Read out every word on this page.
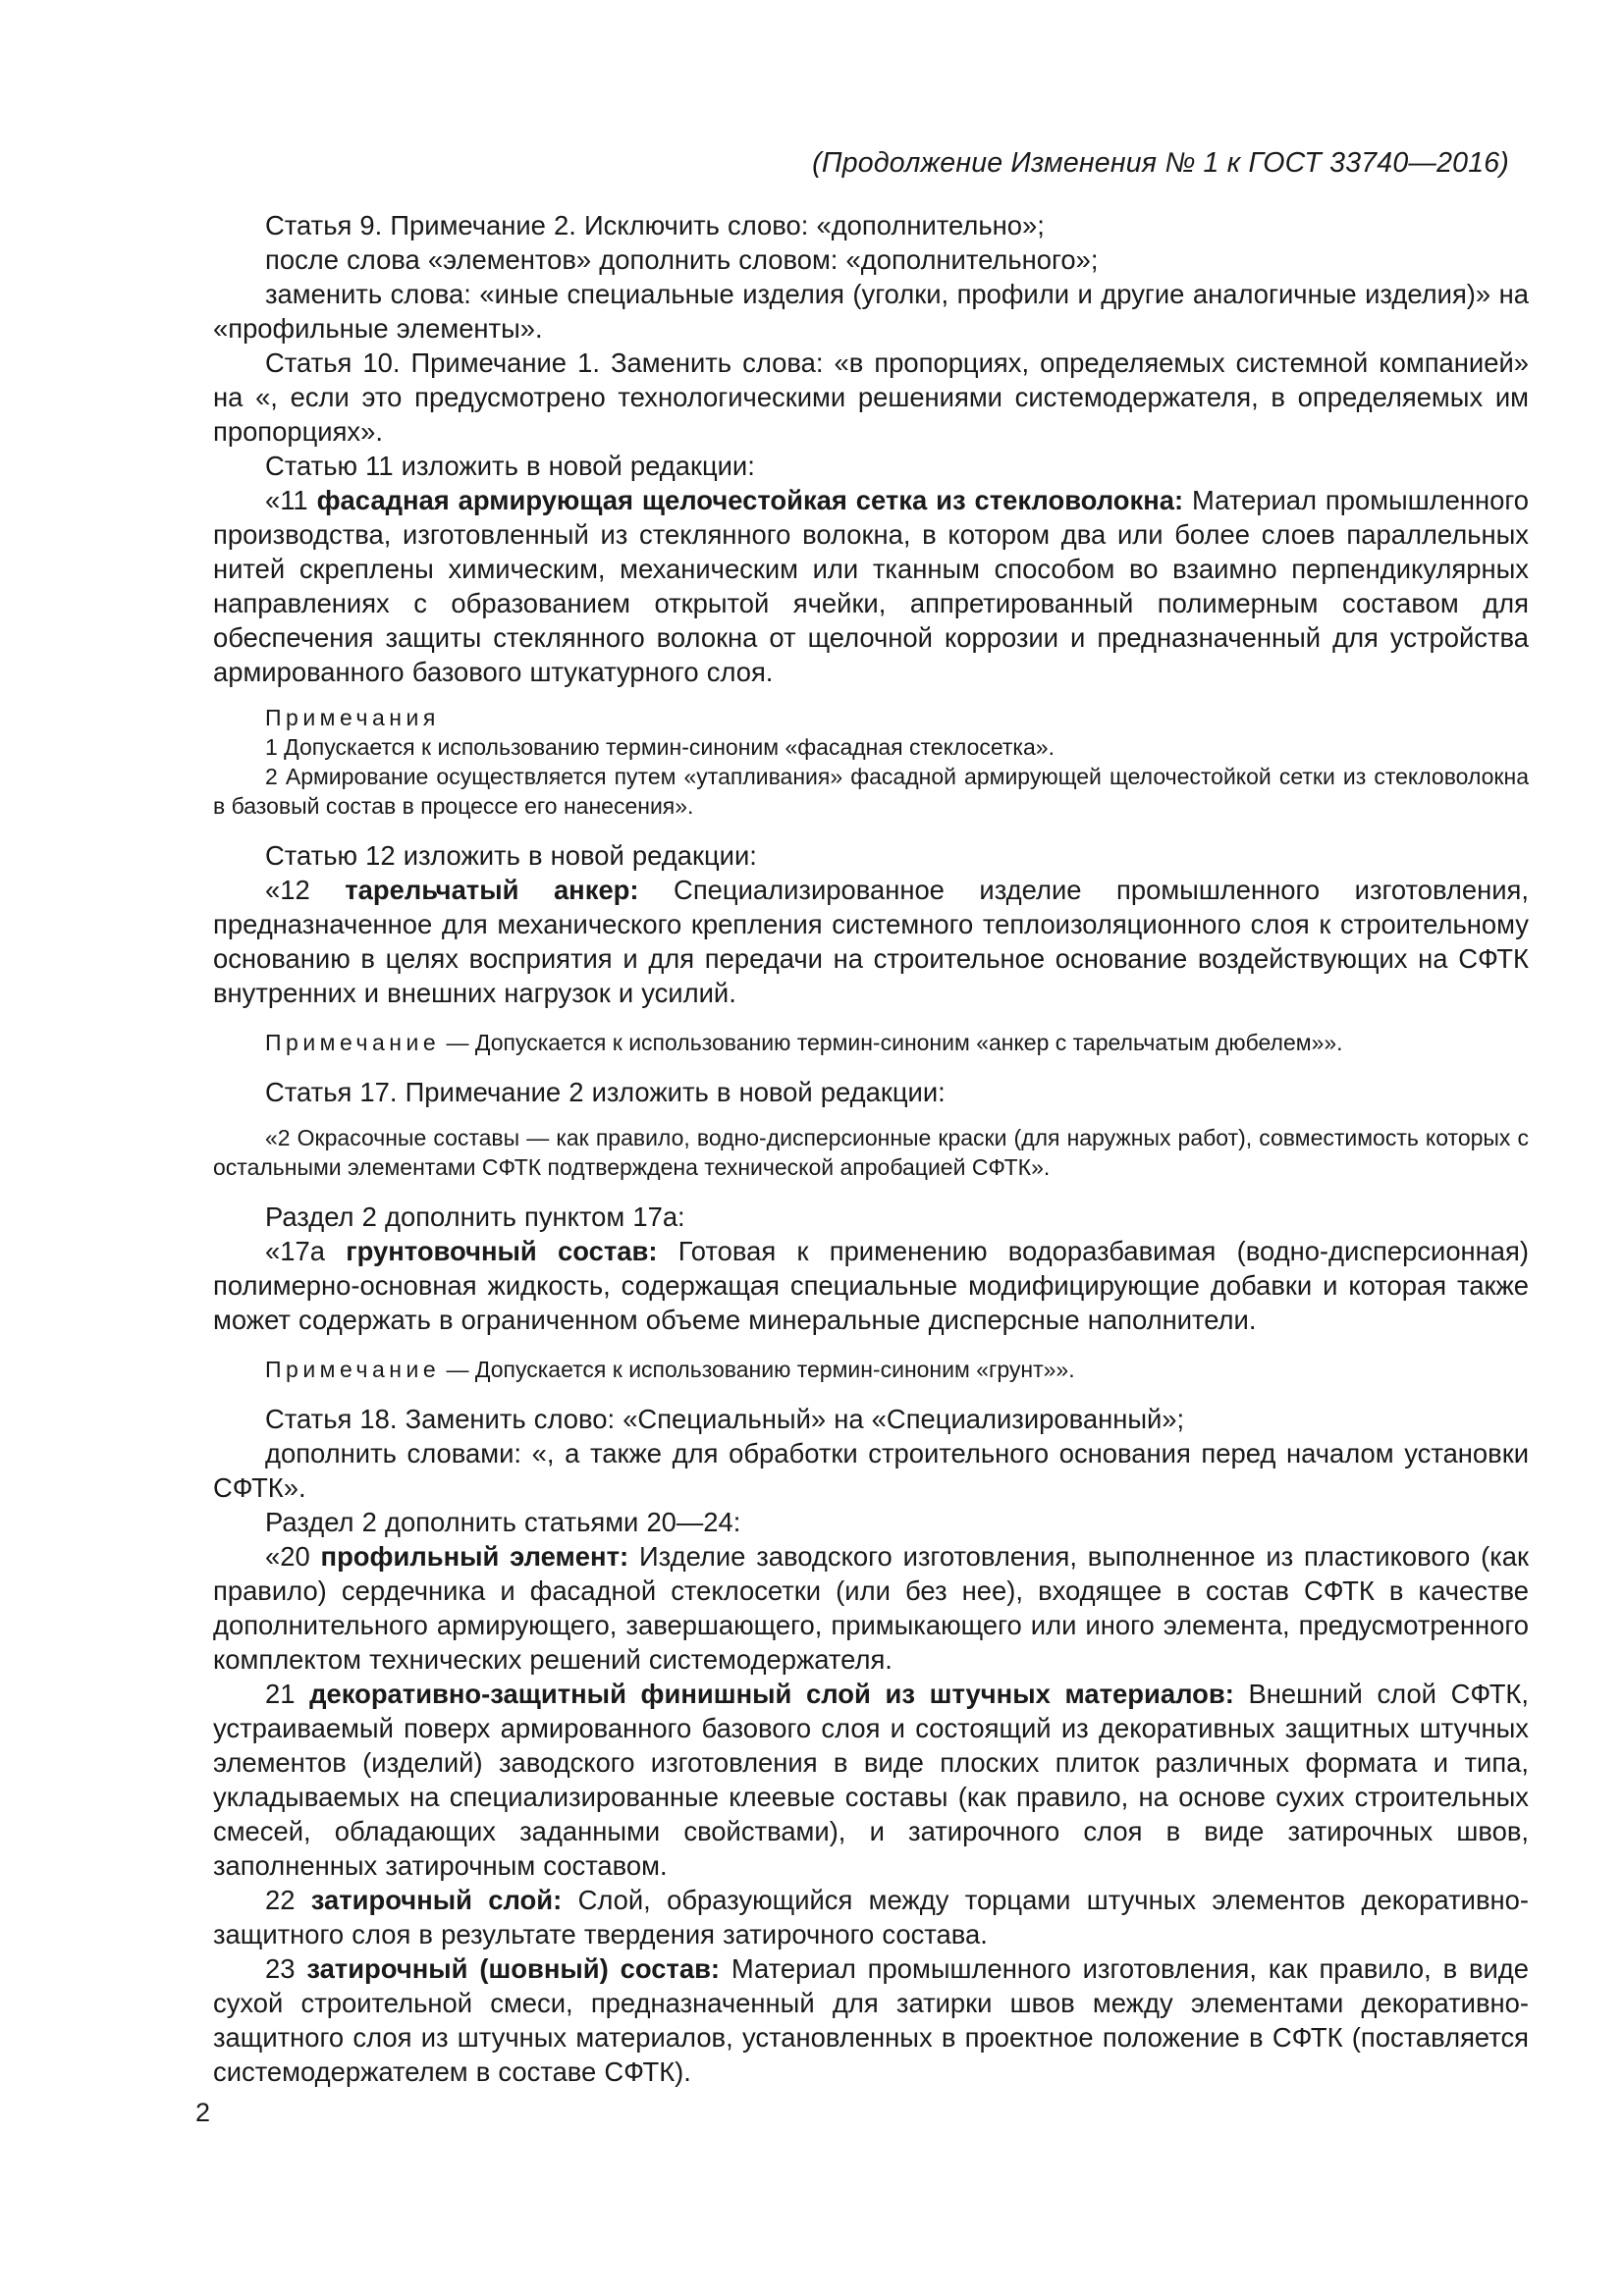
(Продолжение Изменения № 1 к ГОСТ 33740—2016)

Статья 9. Примечание 2. Исключить слово: «дополнительно»;

после слова «элементов» дополнить словом: «дополнительного»;

заменить слова: «иные специальные изделия (уголки, профили и другие аналогичные изделия)» на «профильные элементы».

Статья 10. Примечание 1. Заменить слова: «в пропорциях, определяемых системной компанией» на «, если это предусмотрено технологическими решениями системодержателя, в определяемых им пропорциях».

Статью 11 изложить в новой редакции:

«11 фасадная армирующая щелочестойкая сетка из стекловолокна: Материал промышленного производства, изготовленный из стеклянного волокна, в котором два или более слоев параллельных нитей скреплены химическим, механическим или тканным способом во взаимно перпендикулярных направлениях с образованием открытой ячейки, аппретированный полимерным составом для обеспечения защиты стеклянного волокна от щелочной коррозии и предназначенный для устройства армированного базового штукатурного слоя.

Примечания

1 Допускается к использованию термин-синоним «фасадная стеклосетка».

2 Армирование осуществляется путем «утапливания» фасадной армирующей щелочестойкой сетки из стекловолокна в базовый состав в процессе его нанесения».

Статью 12 изложить в новой редакции:

«12 тарельчатый анкер: Специализированное изделие промышленного изготовления, предназначенное для механического крепления системного теплоизоляционного слоя к строительному основанию в целях восприятия и для передачи на строительное основание воздействующих на СФТК внутренних и внешних нагрузок и усилий.

Примечание — Допускается к использованию термин-синоним «анкер с тарельчатым дюбелем»».

Статья 17. Примечание 2 изложить в новой редакции:

«2 Окрасочные составы — как правило, водно-дисперсионные краски (для наружных работ), совместимость которых с остальными элементами СФТК подтверждена технической апробацией СФТК».

Раздел 2 дополнить пунктом 17а:

«17а грунтовочный состав: Готовая к применению водоразбавимая (водно-дисперсионная) полимерно-основная жидкость, содержащая специальные модифицирующие добавки и которая также может содержать в ограниченном объеме минеральные дисперсные наполнители.

Примечание — Допускается к использованию термин-синоним «грунт»».

Статья 18. Заменить слово: «Специальный» на «Специализированный»;

дополнить словами: «, а также для обработки строительного основания перед началом установки СФТК».

Раздел 2 дополнить статьями 20—24:

«20 профильный элемент: Изделие заводского изготовления, выполненное из пластикового (как правило) сердечника и фасадной стеклосетки (или без нее), входящее в состав СФТК в качестве дополнительного армирующего, завершающего, примыкающего или иного элемента, предусмотренного комплектом технических решений системодержателя.

21 декоративно-защитный финишный слой из штучных материалов: Внешний слой СФТК, устраиваемый поверх армированного базового слоя и состоящий из декоративных защитных штучных элементов (изделий) заводского изготовления в виде плоских плиток различных формата и типа, укладываемых на специализированные клеевые составы (как правило, на основе сухих строительных смесей, обладающих заданными свойствами), и затирочного слоя в виде затирочных швов, заполненных затирочным составом.

22 затирочный слой: Слой, образующийся между торцами штучных элементов декоративно-защитного слоя в результате твердения затирочного состава.

23 затирочный (шовный) состав: Материал промышленного изготовления, как правило, в виде сухой строительной смеси, предназначенный для затирки швов между элементами декоративно-защитного слоя из штучных материалов, установленных в проектное положение в СФТК (поставляется системодержателем в составе СФТК).

2
